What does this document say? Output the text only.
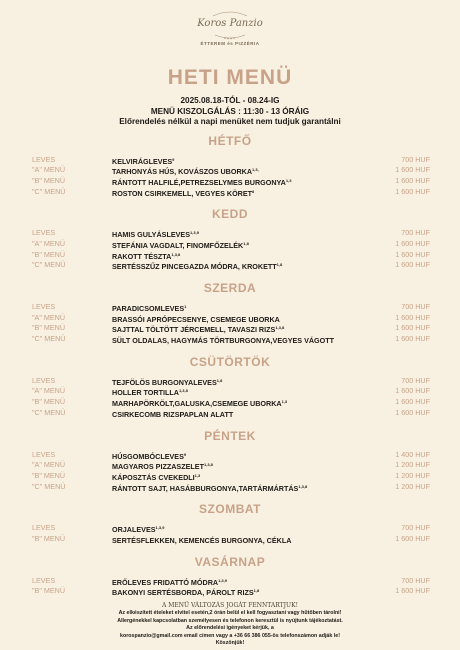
Koros Panzio
ÉTTEREM és PIZZÉRIA
HETI MENÜ
2025.08.18-TÓL - 08.24-IG
MENÜ KISZOLGÁLÁS : 11:30 - 13 ÓRÁIG
Előrendelés nélkül a napi menüket nem tudjuk garantálni
HÉTFŐ
LEVES	KELVIRÁGLEVES$^9$	700 HUF
"A" MENÜ	TARHONYÁS HÚS, KOVÁSZOS $UBORKA^{1,3,}$	1 600 HUF
"B" MENÜ	RÁNTOTT HALFILÉ,PETREZSELYMES BURGONYA$^{1,3}$	1 600 HUF
"C" MENÜ	ROSTON CSIRKEMELL, VEGYES KÖRET$^8$	1 600 HUF
KEDD
LEVES	HAMIS GULYÁSLEVES$^{1,3,9}$	700 HUF
"A" MENÜ	STEFÁNIA VAGDALT, FINOMFŐZELÉK$^{1,8}$	1 600 HUF
"B" MENÜ	RAKOTT TÉSZTA$^{1,3,8}$	1 600 HUF
"C" MENÜ	SERTÉSSZŰZ PINCEGAZDA MÓDRA, KROKETT$^{1,8}$	1 600 HUF
SZERDA
LEVES	PARADICSOMLEVES$^1$	700 HUF
"A" MENÜ	BRASSÓI APRÓPECSENYE, CSEMEGE UBORKA	1 600 HUF
"B" MENÜ	SAJTTAL TÖLTÖTT JÉRCEMELL, TAVASZI RIZS$^{1,3,8}$	1 600 HUF
"C" MENÜ	SÜLT OLDALAS, HAGYMÁS TÖRTBURGONYA,VEGYES VÁGOTT	1 600 HUF
CSÜTÖRTÖK
LEVES	TEJFÖLÖS BURGONYALEVES$^{1,8}$	700 HUF
"A" MENÜ	HOLLER TORTILLA$^{1,3,8}$	1 600 HUF
"B" MENÜ	MARHAPÖRKÖLT,GALUSKA,CSEMEGE UBORKA$^{1,3}$	1 600 HUF
"C" MENÜ	CSIRKECOMB RIZSPAPLAN ALATT	1 600 HUF
PÉNTEK
LEVES	HÚSGOMBÓCLEVES$^9$	1 400 HUF
"A" MENÜ	MAGYAROS PIZZASZELET$^{1,3,8}$	1 200 HUF
"B" MENÜ	KÁPOSZTÁS CVEKEDLI$^{1,3}$	1 200 HUF
"C" MENÜ	RÁNTOTT SAJT, HASÁBBURGONYA,TARTÁRMÁRTÁS$^{1,3,8}$	1 200 HUF
SZOMBAT
LEVES	ORJALEVES$^{1,3,9}$	700 HUF
"B" MENÜ	SERTÉSFLEKKEN, KEMENCÉS BURGONYA, CÉKLA	1 600 HUF
VASÁRNAP
LEVES	ERŐLEVES FRIDATTÓ MÓDRA$^{1,3,9}$	700 HUF
"B" MENÜ	BAKONYI SERTÉSBORDA, PÁROLT RIZS$^{1,8}$	1 600 HUF
A MENÜ VÁLTOZÁS JOGÁT FENNTARTJUK!
Az elkészített ételeket elvitel esetén,2 órán belül el kell fogyasztani vagy hűtőben tárolni!
Allergénekkel kapcsolatban személyesen és telefonon keresztül is nyújtunk tájékoztatást.
Az előrendelési igényeket kérjük, a
korospanzio@gmail.com email címen vagy a +36 66 386 055-ös telefonszámon adják le!
Köszönjük!
